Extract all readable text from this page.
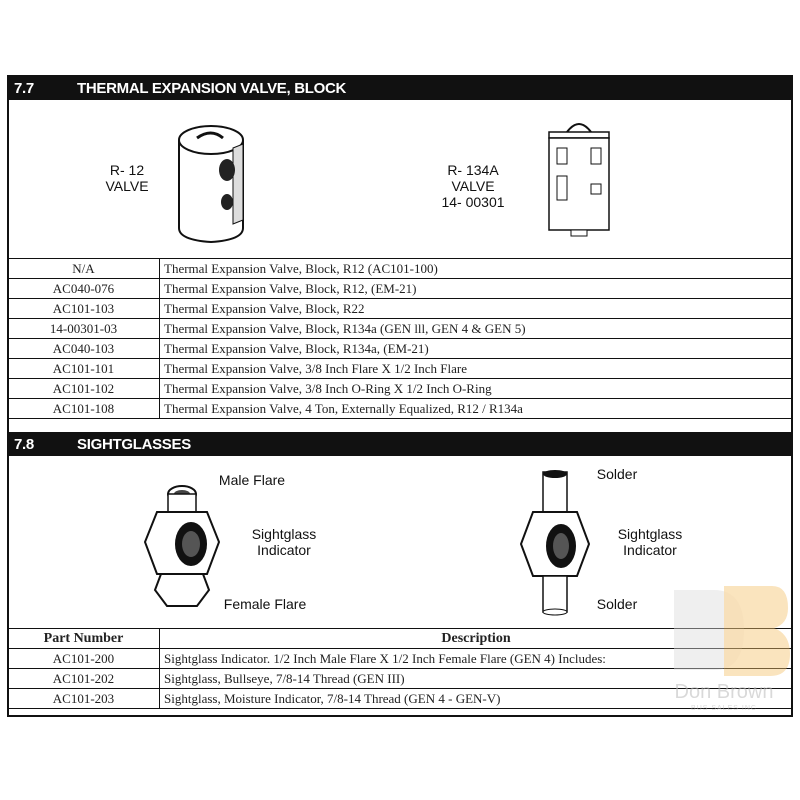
7.7	THERMAL EXPANSION VALVE, BLOCK
R- 12
VALVE
R- 134A
VALVE
14- 00301
N/A	Thermal Expansion Valve, Block, R12 (AC101-100)
AC040-076	Thermal Expansion Valve, Block, R12, (EM-21)
AC101-103	Thermal Expansion Valve, Block, R22
14-00301-03	Thermal Expansion Valve, Block, R134a (GEN lll, GEN 4 & GEN 5)
AC040-103	Thermal Expansion Valve, Block, R134a, (EM-21)
AC101-101	Thermal Expansion Valve, 3/8 Inch Flare X 1/2 Inch Flare
AC101-102	Thermal Expansion Valve, 3/8 Inch O-Ring X 1/2 Inch O-Ring
AC101-108	Thermal Expansion Valve, 4 Ton, Externally Equalized, R12 / R134a
7.8	SIGHTGLASSES
Male Flare
Sightglass
Indicator
Female Flare
Solder
Sightglass
Indicator
Solder
Part Number	Description
AC101-200	Sightglass Indicator. 1/2 Inch Male Flare X 1/2 Inch Female Flare (GEN 4) Includes:
AC101-202	Sightglass, Bullseye, 7/8-14 Thread (GEN III)
AC101-203	Sightglass, Moisture Indicator, 7/8-14 Thread (GEN 4 - GEN-V)	Don Brown
BUS SALES INC
